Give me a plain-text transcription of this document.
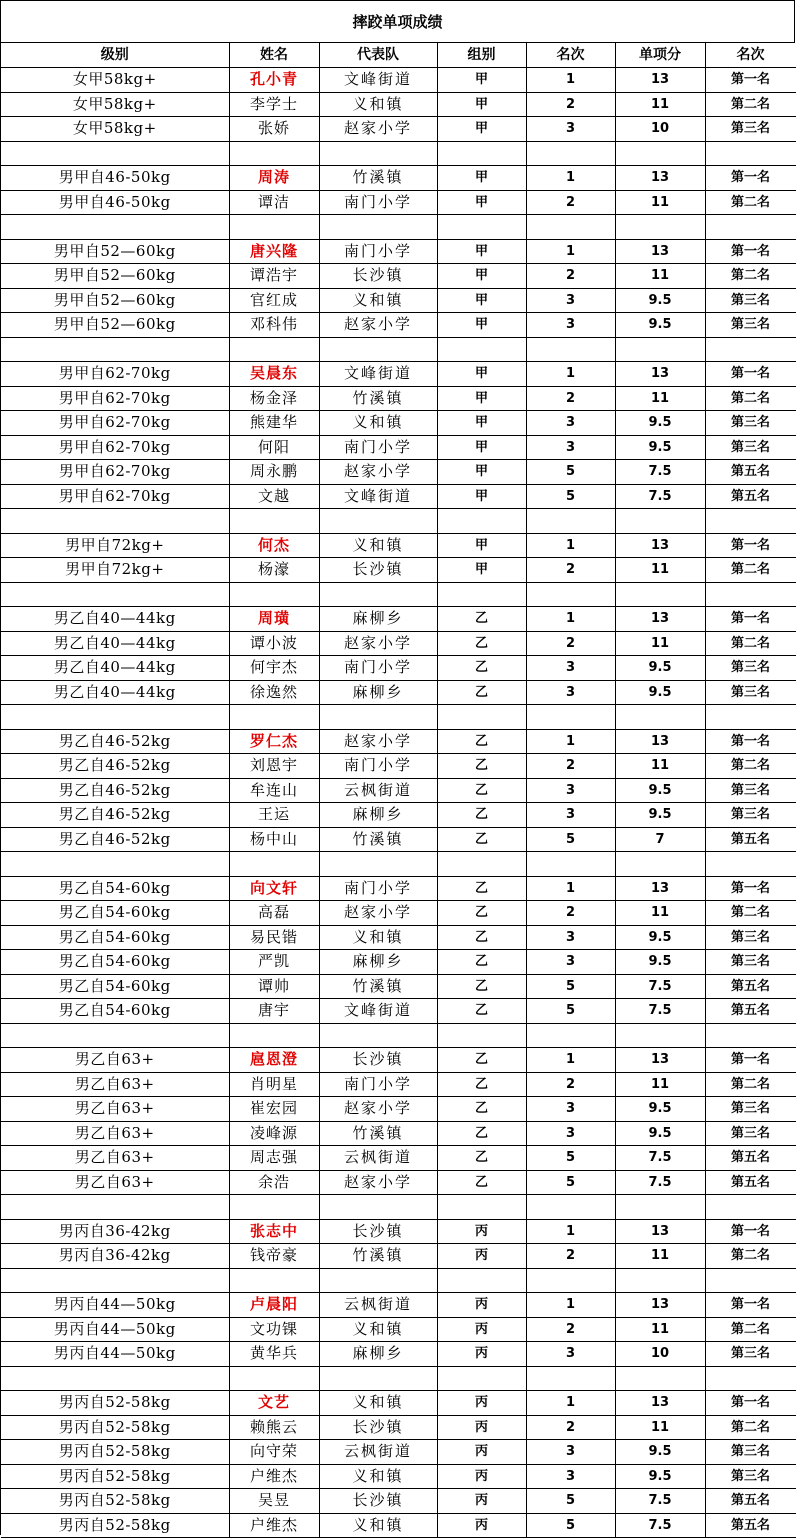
摔跤单项成绩
级别	姓名	代表队	组别	名次	单项分	名次
女甲58kg+	孔小青	文峰街道	甲	1	13	第一名
女甲58kg+	李学士	义和镇	甲	2	11	第二名
女甲58kg+	张娇	赵家小学	甲	3	10	第三名

男甲自46-50kg	周涛	竹溪镇	甲	1	13	第一名
男甲自46-50kg	谭洁	南门小学	甲	2	11	第二名

男甲自52—60kg	唐兴隆	南门小学	甲	1	13	第一名
男甲自52—60kg	谭浩宇	长沙镇	甲	2	11	第二名
男甲自52—60kg	官红成	义和镇	甲	3	9.5	第三名
男甲自52—60kg	邓科伟	赵家小学	甲	3	9.5	第三名

男甲自62-70kg	吴晨东	文峰街道	甲	1	13	第一名
男甲自62-70kg	杨金泽	竹溪镇	甲	2	11	第二名
男甲自62-70kg	熊建华	义和镇	甲	3	9.5	第三名
男甲自62-70kg	何阳	南门小学	甲	3	9.5	第三名
男甲自62-70kg	周永鹏	赵家小学	甲	5	7.5	第五名
男甲自62-70kg	文越	文峰街道	甲	5	7.5	第五名

男甲自72kg+	何杰	义和镇	甲	1	13	第一名
男甲自72kg+	杨濠	长沙镇	甲	2	11	第二名

男乙自40—44kg	周璜	麻柳乡	乙	1	13	第一名
男乙自40—44kg	谭小波	赵家小学	乙	2	11	第二名
男乙自40—44kg	何宇杰	南门小学	乙	3	9.5	第三名
男乙自40—44kg	徐逸然	麻柳乡	乙	3	9.5	第三名

男乙自46-52kg	罗仁杰	赵家小学	乙	1	13	第一名
男乙自46-52kg	刘恩宇	南门小学	乙	2	11	第二名
男乙自46-52kg	牟连山	云枫街道	乙	3	9.5	第三名
男乙自46-52kg	王运	麻柳乡	乙	3	9.5	第三名
男乙自46-52kg	杨中山	竹溪镇	乙	5	7	第五名

男乙自54-60kg	向文轩	南门小学	乙	1	13	第一名
男乙自54-60kg	高磊	赵家小学	乙	2	11	第二名
男乙自54-60kg	易民锴	义和镇	乙	3	9.5	第三名
男乙自54-60kg	严凯	麻柳乡	乙	3	9.5	第三名
男乙自54-60kg	谭帅	竹溪镇	乙	5	7.5	第五名
男乙自54-60kg	唐宇	文峰街道	乙	5	7.5	第五名

男乙自63+	扈恩澄	长沙镇	乙	1	13	第一名
男乙自63+	肖明星	南门小学	乙	2	11	第二名
男乙自63+	崔宏园	赵家小学	乙	3	9.5	第三名
男乙自63+	凌峰源	竹溪镇	乙	3	9.5	第三名
男乙自63+	周志强	云枫街道	乙	5	7.5	第五名
男乙自63+	余浩	赵家小学	乙	5	7.5	第五名

男丙自36-42kg	张志中	长沙镇	丙	1	13	第一名
男丙自36-42kg	钱帝豪	竹溪镇	丙	2	11	第二名

男丙自44—50kg	卢晨阳	云枫街道	丙	1	13	第一名
男丙自44—50kg	文功锞	义和镇	丙	2	11	第二名
男丙自44—50kg	黄华兵	麻柳乡	丙	3	10	第三名

男丙自52-58kg	文艺	义和镇	丙	1	13	第一名
男丙自52-58kg	赖熊云	长沙镇	丙	2	11	第二名
男丙自52-58kg	向守荣	云枫街道	丙	3	9.5	第三名
男丙自52-58kg	户维杰	义和镇	丙	3	9.5	第三名
男丙自52-58kg	吴昱	长沙镇	丙	5	7.5	第五名
男丙自52-58kg	户维杰	义和镇	丙	5	7.5	第五名
